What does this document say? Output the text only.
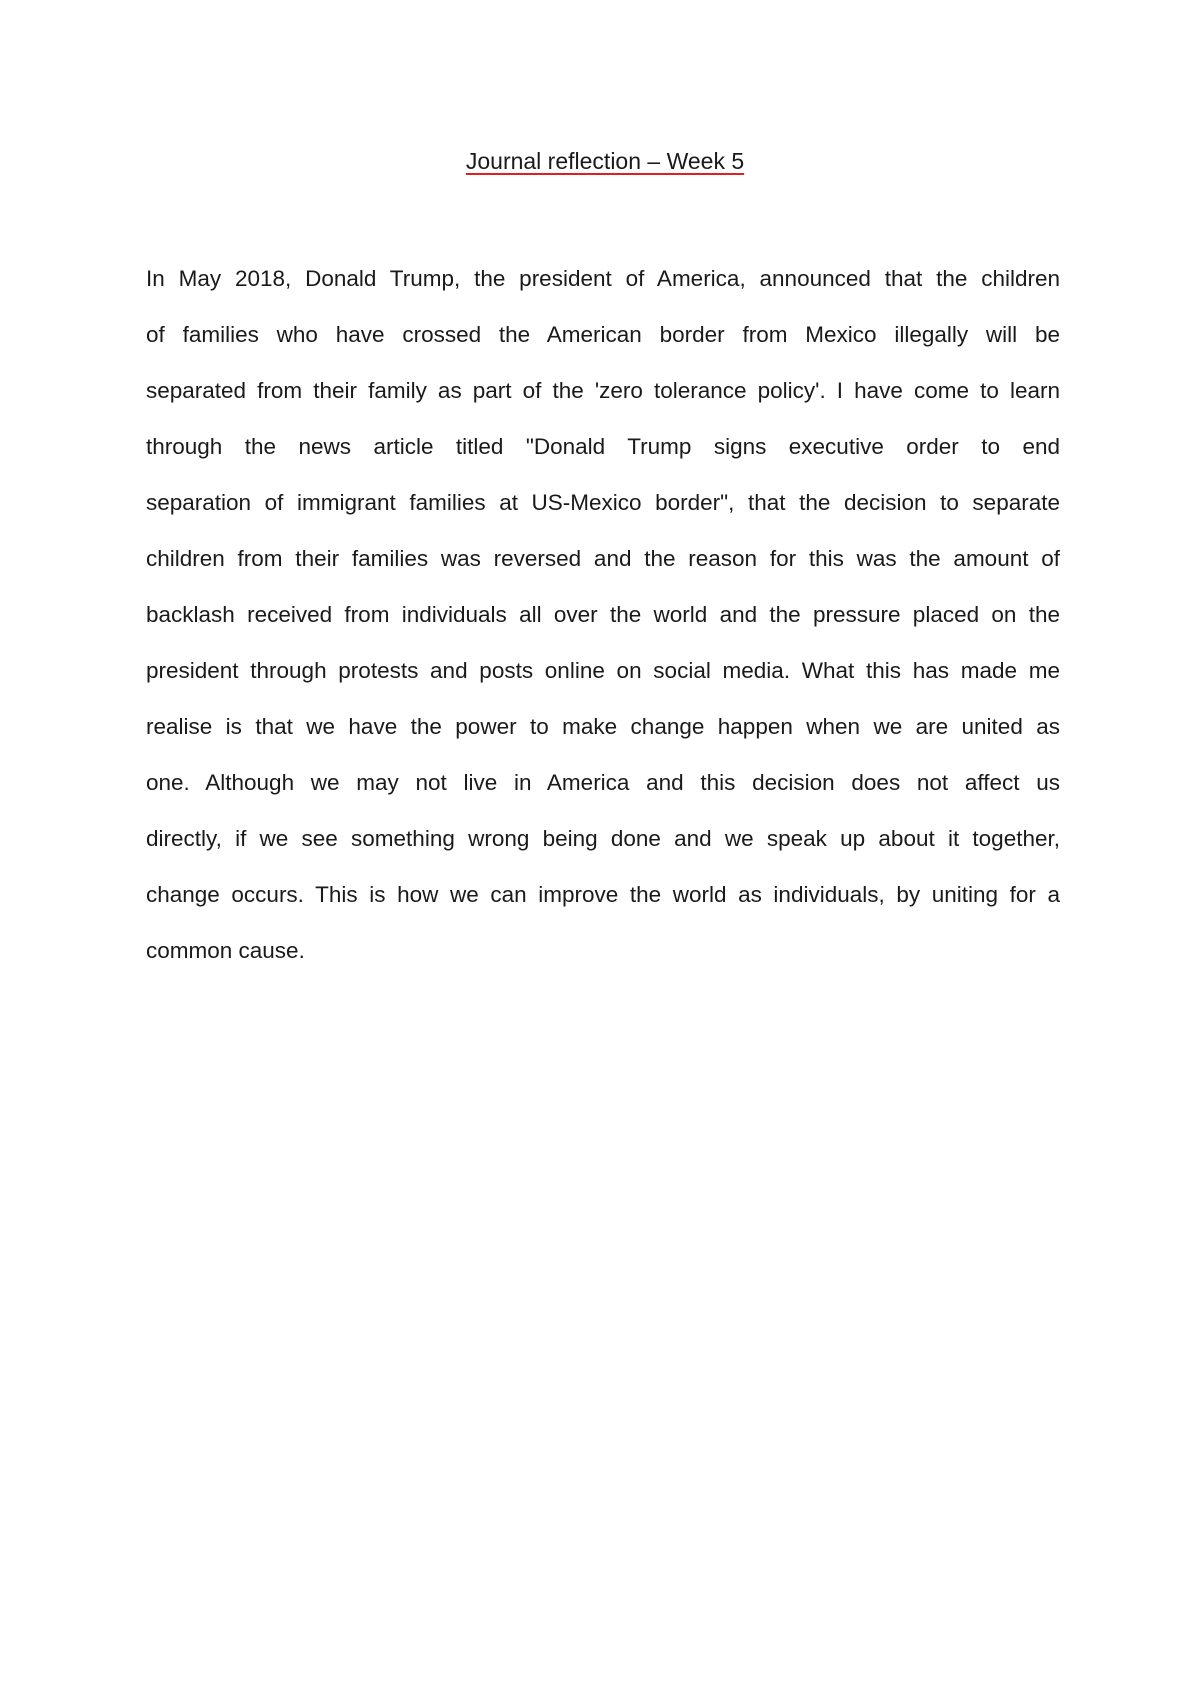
Journal reflection – Week 5
In May 2018, Donald Trump, the president of America, announced that the children
of families who have crossed the American border from Mexico illegally will be
separated from their family as part of the 'zero tolerance policy'. I have come to learn
through the news article titled "Donald Trump signs executive order to end
separation of immigrant families at US-Mexico border", that the decision to separate
children from their families was reversed and the reason for this was the amount of
backlash received from individuals all over the world and the pressure placed on the
president through protests and posts online on social media. What this has made me
realise is that we have the power to make change happen when we are united as
one. Although we may not live in America and this decision does not affect us
directly, if we see something wrong being done and we speak up about it together,
change occurs. This is how we can improve the world as individuals, by uniting for a
common cause.
